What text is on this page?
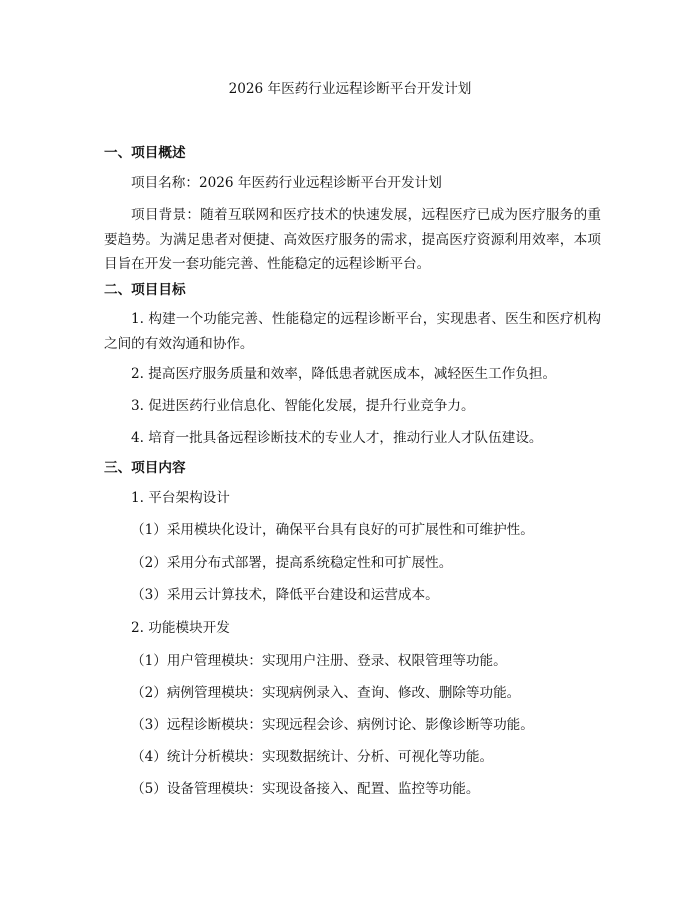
2026 年医药行业远程诊断平台开发计划
一、项目概述
项目名称：2026 年医药行业远程诊断平台开发计划
项目背景：随着互联网和医疗技术的快速发展，远程医疗已成为医疗服务的重要趋势。为满足患者对便捷、高效医疗服务的需求，提高医疗资源利用效率，本项目旨在开发一套功能完善、性能稳定的远程诊断平台。
二、项目目标
1. 构建一个功能完善、性能稳定的远程诊断平台，实现患者、医生和医疗机构之间的有效沟通和协作。
2. 提高医疗服务质量和效率，降低患者就医成本，减轻医生工作负担。
3. 促进医药行业信息化、智能化发展，提升行业竞争力。
4. 培育一批具备远程诊断技术的专业人才，推动行业人才队伍建设。
三、项目内容
1. 平台架构设计
（1）采用模块化设计，确保平台具有良好的可扩展性和可维护性。
（2）采用分布式部署，提高系统稳定性和可扩展性。
（3）采用云计算技术，降低平台建设和运营成本。
2. 功能模块开发
（1）用户管理模块：实现用户注册、登录、权限管理等功能。
（2）病例管理模块：实现病例录入、查询、修改、删除等功能。
（3）远程诊断模块：实现远程会诊、病例讨论、影像诊断等功能。
（4）统计分析模块：实现数据统计、分析、可视化等功能。
（5）设备管理模块：实现设备接入、配置、监控等功能。
